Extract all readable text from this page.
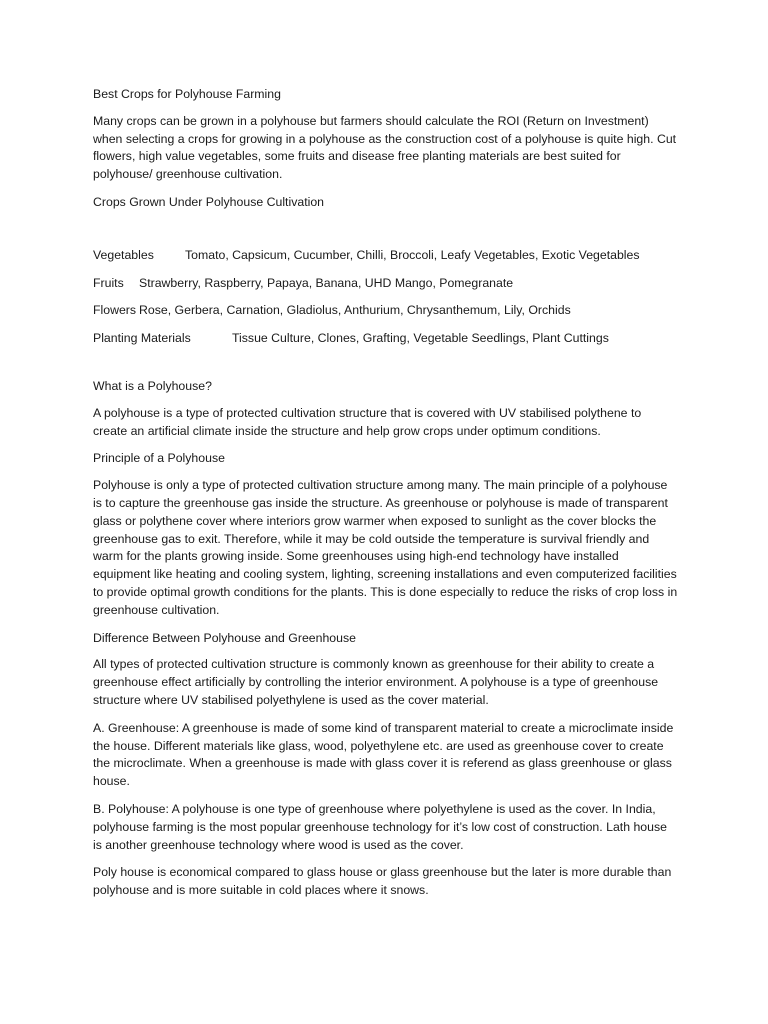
Best Crops for Polyhouse Farming

Many crops can be grown in a polyhouse but farmers should calculate the ROI (Return on Investment) when selecting a crops for growing in a polyhouse as the construction cost of a polyhouse is quite high. Cut flowers, high value vegetables, some fruits and disease free planting materials are best suited for polyhouse/ greenhouse cultivation.

Crops Grown Under Polyhouse Cultivation

Vegetables	Tomato, Capsicum, Cucumber, Chilli, Broccoli, Leafy Vegetables, Exotic Vegetables
Fruits Strawberry, Raspberry, Papaya, Banana, UHD Mango, Pomegranate
Flowers Rose, Gerbera, Carnation, Gladiolus, Anthurium, Chrysanthemum, Lily, Orchids
Planting Materials	Tissue Culture, Clones, Grafting, Vegetable Seedlings, Plant Cuttings

What is a Polyhouse?

A polyhouse is a type of protected cultivation structure that is covered with UV stabilised polythene to create an artificial climate inside the structure and help grow crops under optimum conditions.

Principle of a Polyhouse

Polyhouse is only a type of protected cultivation structure among many. The main principle of a polyhouse is to capture the greenhouse gas inside the structure. As greenhouse or polyhouse is made of transparent glass or polythene cover where interiors grow warmer when exposed to sunlight as the cover blocks the greenhouse gas to exit. Therefore, while it may be cold outside the temperature is survival friendly and warm for the plants growing inside. Some greenhouses using high-end technology have installed equipment like heating and cooling system, lighting, screening installations and even computerized facilities to provide optimal growth conditions for the plants. This is done especially to reduce the risks of crop loss in greenhouse cultivation.

Difference Between Polyhouse and Greenhouse

All types of protected cultivation structure is commonly known as greenhouse for their ability to create a greenhouse effect artificially by controlling the interior environment. A polyhouse is a type of greenhouse structure where UV stabilised polyethylene is used as the cover material.

A. Greenhouse: A greenhouse is made of some kind of transparent material to create a microclimate inside the house. Different materials like glass, wood, polyethylene etc. are used as greenhouse cover to create the microclimate. When a greenhouse is made with glass cover it is referend as glass greenhouse or glass house.

B. Polyhouse: A polyhouse is one type of greenhouse where polyethylene is used as the cover. In India, polyhouse farming is the most popular greenhouse technology for it’s low cost of construction. Lath house is another greenhouse technology where wood is used as the cover.

Poly house is economical compared to glass house or glass greenhouse but the later is more durable than polyhouse and is more suitable in cold places where it snows.
